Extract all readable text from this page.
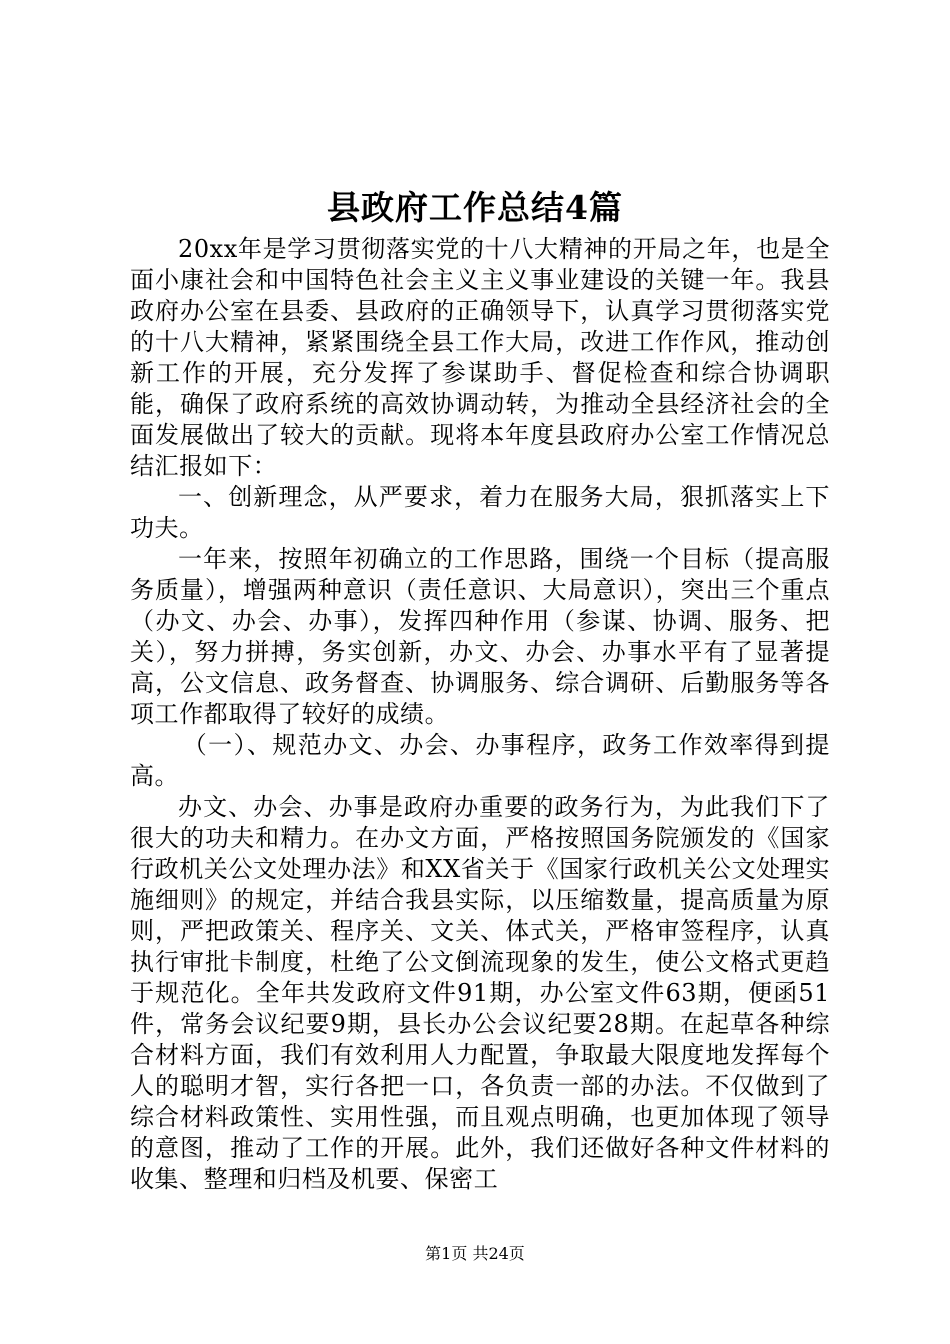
县政府工作总结4篇

20xx年是学习贯彻落实党的十八大精神的开局之年，也是全面小康社会和中国特色社会主义主义事业建设的关键一年。我县政府办公室在县委、县政府的正确领导下，认真学习贯彻落实党的十八大精神，紧紧围绕全县工作大局，改进工作作风，推动创新工作的开展，充分发挥了参谋助手、督促检查和综合协调职能，确保了政府系统的高效协调动转，为推动全县经济社会的全面发展做出了较大的贡献。现将本年度县政府办公室工作情况总结汇报如下：

一、创新理念，从严要求，着力在服务大局，狠抓落实上下功夫。

一年来，按照年初确立的工作思路，围绕一个目标（提高服务质量），增强两种意识（责任意识、大局意识），突出三个重点（办文、办会、办事），发挥四种作用（参谋、协调、服务、把关），努力拼搏，务实创新，办文、办会、办事水平有了显著提高，公文信息、政务督查、协调服务、综合调研、后勤服务等各项工作都取得了较好的成绩。

（一）、规范办文、办会、办事程序，政务工作效率得到提高。

办文、办会、办事是政府办重要的政务行为，为此我们下了很大的功夫和精力。在办文方面，严格按照国务院颁发的《国家行政机关公文处理办法》和XX省关于《国家行政机关公文处理实施细则》的规定，并结合我县实际，以压缩数量，提高质量为原则，严把政策关、程序关、文关、体式关，严格审签程序，认真执行审批卡制度，杜绝了公文倒流现象的发生，使公文格式更趋于规范化。全年共发政府文件91期，办公室文件63期，便函51件，常务会议纪要9期，县长办公会议纪要28期。在起草各种综合材料方面，我们有效利用人力配置，争取最大限度地发挥每个人的聪明才智，实行各把一口，各负责一部的办法。不仅做到了综合材料政策性、实用性强，而且观点明确，也更加体现了领导的意图，推动了工作的开展。此外，我们还做好各种文件材料的收集、整理和归档及机要、保密工

第1页 共24页
